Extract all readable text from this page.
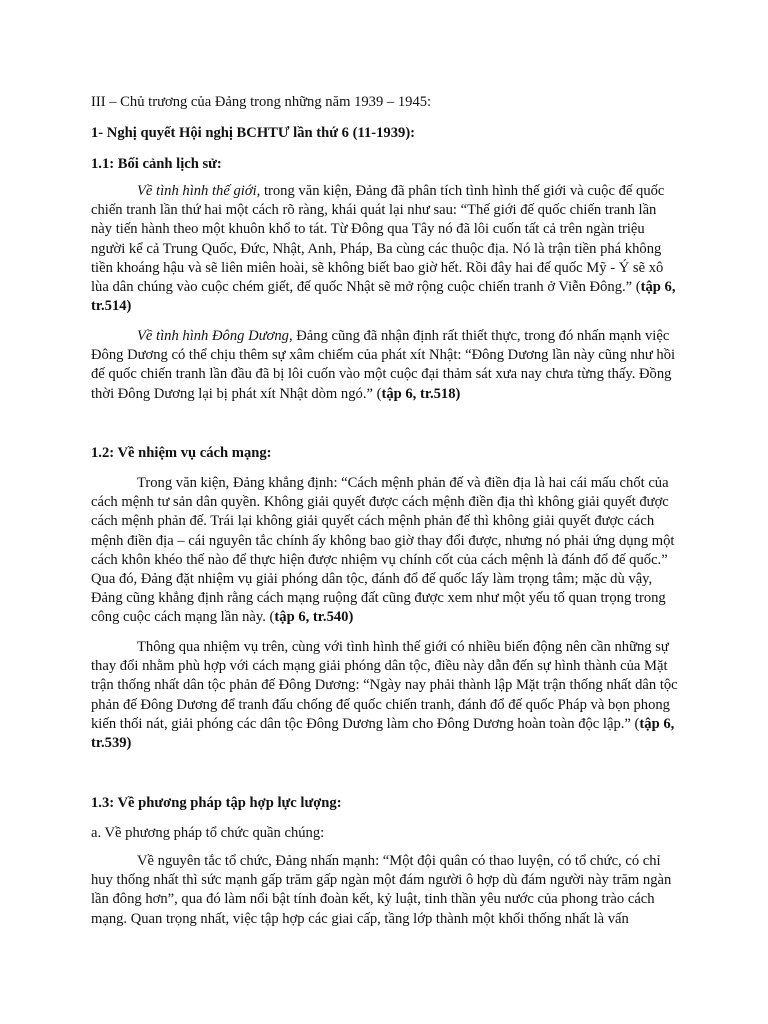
III – Chủ trương của Đảng trong những năm 1939 – 1945:

1- Nghị quyết Hội nghị BCHTƯ lần thứ 6 (11-1939):

1.1: Bối cảnh lịch sử:

Về tình hình thế giới, trong văn kiện, Đảng đã phân tích tình hình thế giới và cuộc đế quốc chiến tranh lần thứ hai một cách rõ ràng, khái quát lại như sau: “Thế giới đế quốc chiến tranh lần này tiến hành theo một khuôn khổ to tát. Từ Đông qua Tây nó đã lôi cuốn tất cả trên ngàn triệu người kể cả Trung Quốc, Đức, Nhật, Anh, Pháp, Ba cùng các thuộc địa. Nó là trận tiền phá không tiền khoáng hậu và sẽ liên miên hoài, sẽ không biết bao giờ hết. Rồi đây hai đế quốc Mỹ - Ý sẽ xô lùa dân chúng vào cuộc chém giết, đế quốc Nhật sẽ mở rộng cuộc chiến tranh ở Viễn Đông.” (tập 6, tr.514)

Về tình hình Đông Dương, Đảng cũng đã nhận định rất thiết thực, trong đó nhấn mạnh việc Đông Dương có thể chịu thêm sự xâm chiếm của phát xít Nhật: “Đông Dương lần này cũng như hồi đế quốc chiến tranh lần đầu đã bị lôi cuốn vào một cuộc đại thảm sát xưa nay chưa từng thấy. Đồng thời Đông Dương lại bị phát xít Nhật dòm ngó.” (tập 6, tr.518)

1.2: Về nhiệm vụ cách mạng:

Trong văn kiện, Đảng khẳng định: “Cách mệnh phản đế và điền địa là hai cái mấu chốt của cách mệnh tư sản dân quyền. Không giải quyết được cách mệnh điền địa thì không giải quyết được cách mệnh phản đế. Trái lại không giải quyết cách mệnh phản đế thì không giải quyết được cách mệnh điền địa – cái nguyên tắc chính ấy không bao giờ thay đổi được, nhưng nó phải ứng dụng một cách khôn khéo thế nào để thực hiện được nhiệm vụ chính cốt của cách mệnh là đánh đổ đế quốc.” Qua đó, Đảng đặt nhiệm vụ giải phóng dân tộc, đánh đổ đế quốc lấy làm trọng tâm; mặc dù vậy, Đảng cũng khẳng định rằng cách mạng ruộng đất cũng được xem như một yếu tố quan trọng trong công cuộc cách mạng lần này. (tập 6, tr.540)

Thông qua nhiệm vụ trên, cùng với tình hình thế giới có nhiều biến động nên cần những sự thay đổi nhằm phù hợp với cách mạng giải phóng dân tộc, điều này dẫn đến sự hình thành của Mặt trận thống nhất dân tộc phản đế Đông Dương: “Ngày nay phải thành lập Mặt trận thống nhất dân tộc phản đế Đông Dương để tranh đấu chống đế quốc chiến tranh, đánh đổ đế quốc Pháp và bọn phong kiến thối nát, giải phóng các dân tộc Đông Dương làm cho Đông Dương hoàn toàn độc lập.” (tập 6, tr.539)

1.3: Về phương pháp tập hợp lực lượng:

a. Về phương pháp tổ chức quần chúng:

Về nguyên tắc tổ chức, Đảng nhấn mạnh: “Một đội quân có thao luyện, có tổ chức, có chỉ huy thống nhất thì sức mạnh gấp trăm gấp ngàn một đám người ô hợp dù đám người này trăm ngàn lần đông hơn”, qua đó làm nổi bật tính đoàn kết, kỷ luật, tinh thần yêu nước của phong trào cách mạng. Quan trọng nhất, việc tập hợp các giai cấp, tầng lớp thành một khối thống nhất là vấn
